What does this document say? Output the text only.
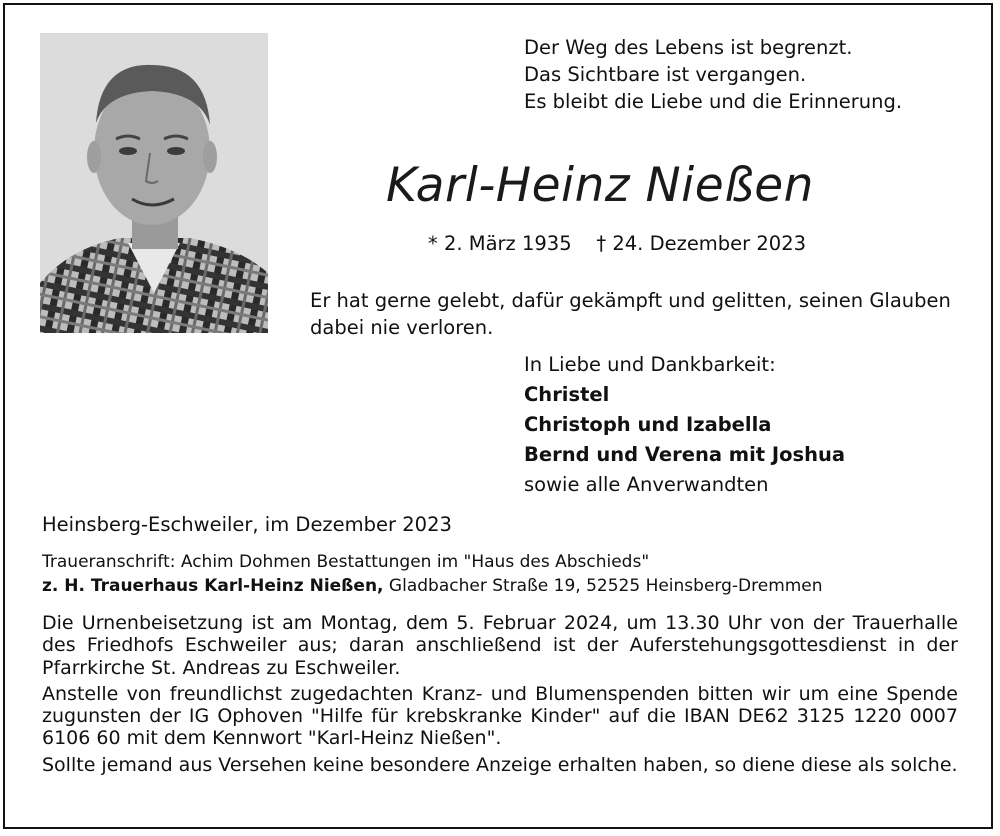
Der Weg des Lebens ist begrenzt.
Das Sichtbare ist vergangen.
Es bleibt die Liebe und die Erinnerung.
Karl-Heinz Nießen
* 2. März 1935 † 24. Dezember 2023
Er hat gerne gelebt, dafür gekämpft und gelitten, seinen Glauben dabei nie verloren.
In Liebe und Dankbarkeit:
Christel
Christoph und Izabella
Bernd und Verena mit Joshua
sowie alle Anverwandten
Heinsberg-Eschweiler, im Dezember 2023
Traueranschrift: Achim Dohmen Bestattungen im "Haus des Abschieds"
z. H. Trauerhaus Karl-Heinz Nießen, Gladbacher Straße 19, 52525 Heinsberg-Dremmen

Die Urnenbeisetzung ist am Montag, dem 5. Februar 2024, um 13.30 Uhr von der Trauerhalle des Friedhofs Eschweiler aus; daran anschließend ist der Auferstehungsgottesdienst in der Pfarrkirche St. Andreas zu Eschweiler.

Anstelle von freundlichst zugedachten Kranz- und Blumenspenden bitten wir um eine Spende zugunsten der IG Ophoven "Hilfe für krebskranke Kinder" auf die IBAN DE62 3125 1220 0007 6106 60 mit dem Kennwort "Karl-Heinz Nießen".

Sollte jemand aus Versehen keine besondere Anzeige erhalten haben, so diene diese als solche.
